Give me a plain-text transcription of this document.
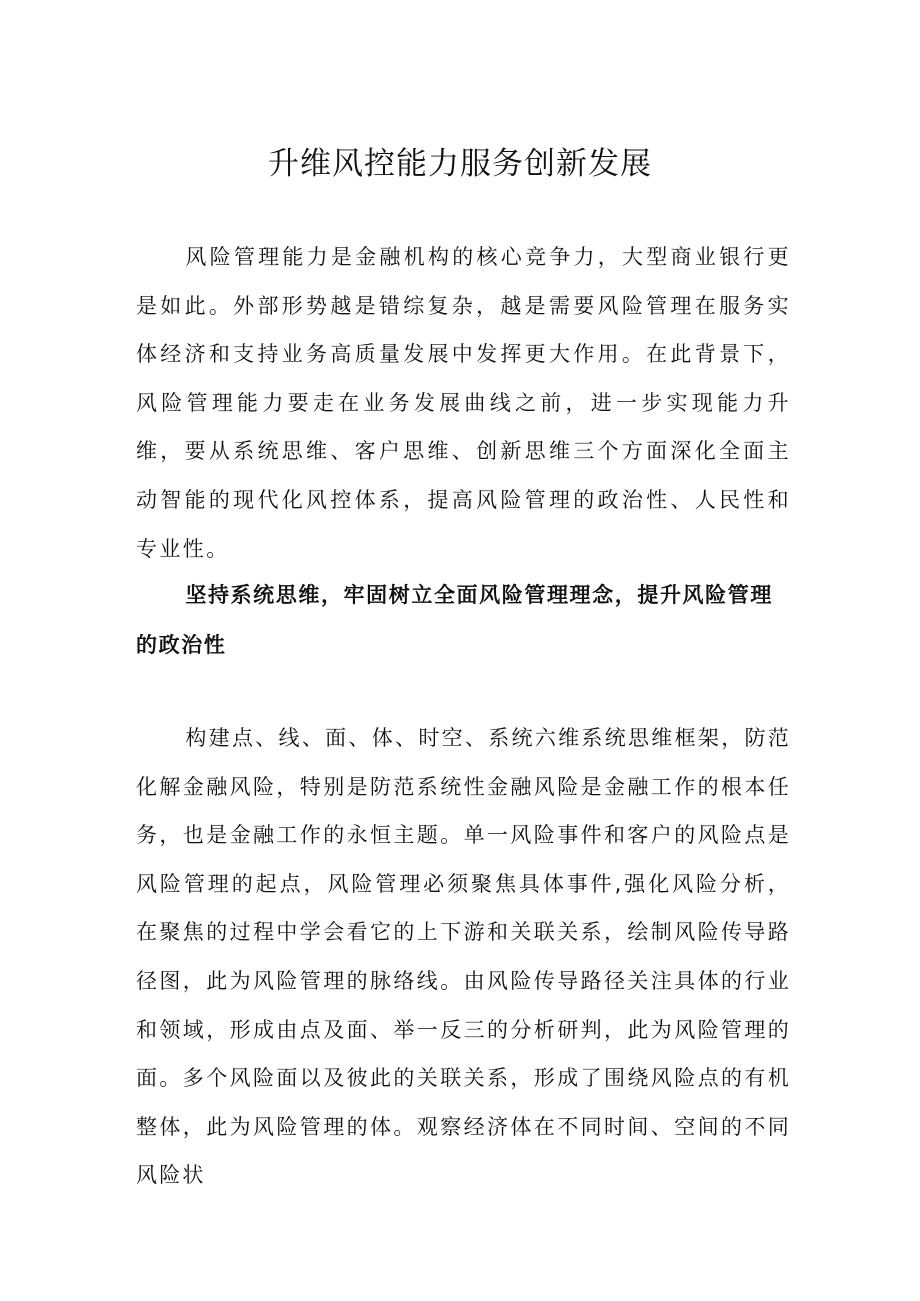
升维风控能力服务创新发展

风险管理能力是金融机构的核心竞争力，大型商业银行更是如此。外部形势越是错综复杂，越是需要风险管理在服务实体经济和支持业务高质量发展中发挥更大作用。在此背景下，风险管理能力要走在业务发展曲线之前，进一步实现能力升维，要从系统思维、客户思维、创新思维三个方面深化全面主动智能的现代化风控体系，提高风险管理的政治性、人民性和专业性。

坚持系统思维，牢固树立全面风险管理理念，提升风险管理的政治性

构建点、线、面、体、时空、系统六维系统思维框架，防范化解金融风险，特别是防范系统性金融风险是金融工作的根本任务，也是金融工作的永恒主题。单一风险事件和客户的风险点是风险管理的起点，风险管理必须聚焦具体事件,强化风险分析，在聚焦的过程中学会看它的上下游和关联关系，绘制风险传导路径图，此为风险管理的脉络线。由风险传导路径关注具体的行业和领域，形成由点及面、举一反三的分析研判，此为风险管理的面。多个风险面以及彼此的关联关系，形成了围绕风险点的有机整体，此为风险管理的体。观察经济体在不同时间、空间的不同风险状
